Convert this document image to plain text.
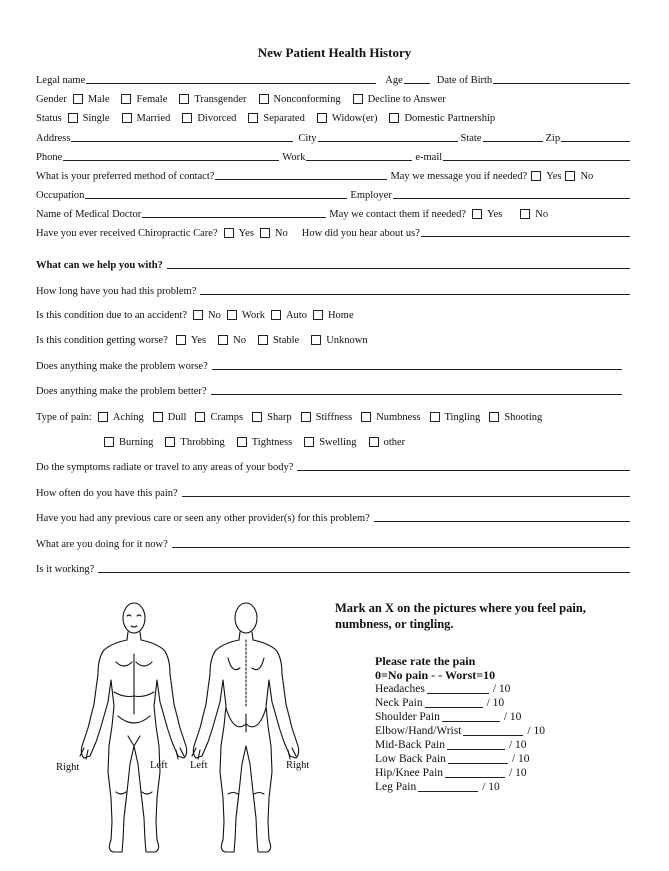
New Patient Health History
Legal name	Age	Date of Birth
Gender Male	Female	Transgender	Nonconforming	Decline to Answer
Status Single	Married	Divorced	Separated	Widow(er)	Domestic Partnership
Address	City	State	Zip
Phone	Work	e-mail
What is your preferred method of contact?	May we message you if needed? Yes No
Occupation	Employer
Name of Medical Doctor	May we contact them if needed? Yes	No
Have you ever received Chiropractic Care? Yes No How did you hear about us?
What can we help you with?
How long have you had this problem?
Is this condition due to an accident? No Work Auto Home
Is this condition getting worse? Yes	No	Stable	Unknown
Does anything make the problem worse?
Does anything make the problem better?
Type of pain: Aching Dull Cramps Sharp Stiffness Numbness Tingling Shooting
Burning	Throbbing	Tightness	Swelling	other
Do the symptoms radiate or travel to any areas of your body?
How often do you have this pain?
Have you had any previous care or seen any other provider(s) for this problem?
What are you doing for it now?
Is it working?
Right	Left Left	Right
Mark an X on the pictures where you feel pain, numbness, or tingling.
Please rate the pain
0=No pain - - Worst=10
Headaches	/ 10
Neck Pain	/ 10
Shoulder Pain	/ 10
Elbow/Hand/Wrist	/ 10
Mid-Back Pain	/ 10
Low Back Pain	/ 10
Hip/Knee Pain	/ 10
Leg Pain	/ 10
